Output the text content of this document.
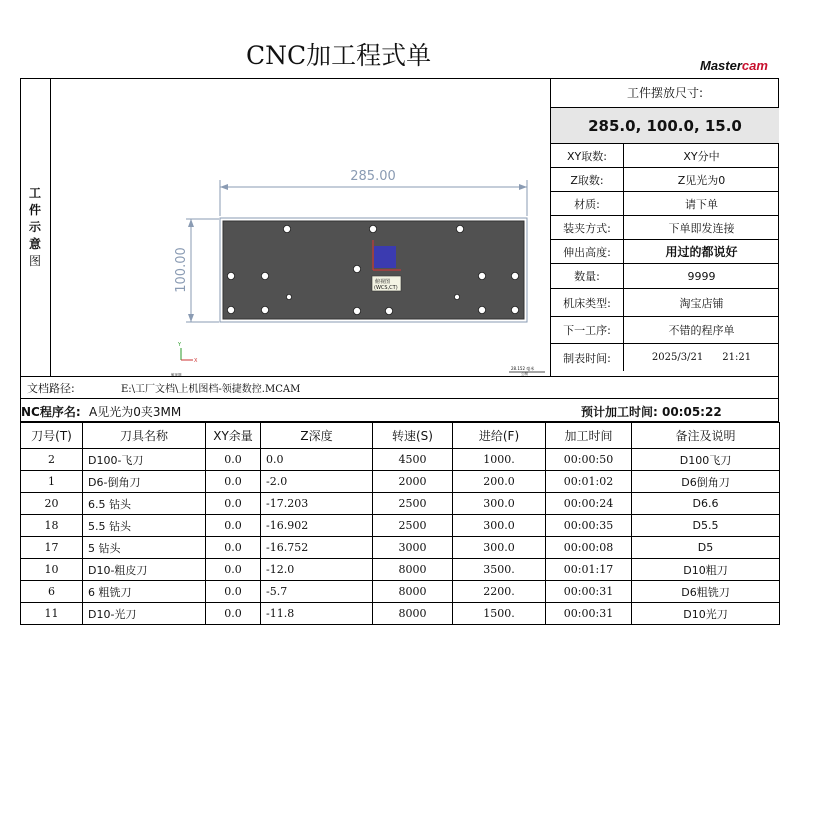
CNC加工程式单	Mastercam
工
件
示
意
图
285.00
100.00	俯视图
(WCS,CT)
X
Y
28.152 毫米
公制
俯视图
工件摆放尺寸:
285.0, 100.0, 15.0
XY取数:	XY分中
Z取数:	Z见光为0
材质:	请下单
装夹方式:	下单即发连接
伸出高度:	用过的都说好
数量:	9999
机床类型:	淘宝店铺
下一工序:	不错的程序单
制表时间:	2025/3/21      21:21
文档路径:	E:\工厂文档\上机图档-领捷数控.MCAM
NC程序名: A见光为0夹3MM	预计加工时间: 00:05:22
刀号(T)	刀具名称	XY余量	Z深度	转速(S)	进给(F)	加工时间	备注及说明
2	D100-飞刀	0.0	0.0	4500	1000.	00:00:50	D100飞刀
1	D6-倒角刀	0.0	-2.0	2000	200.0	00:01:02	D6倒角刀
20	6.5 钻头	0.0	-17.203	2500	300.0	00:00:24	D6.6
18	5.5 钻头	0.0	-16.902	2500	300.0	00:00:35	D5.5
17	5 钻头	0.0	-16.752	3000	300.0	00:00:08	D5
10	D10-粗皮刀	0.0	-12.0	8000	3500.	00:01:17	D10粗刀
6	6 粗铣刀	0.0	-5.7	8000	2200.	00:00:31	D6粗铣刀
11	D10-光刀	0.0	-11.8	8000	1500.	00:00:31	D10光刀
